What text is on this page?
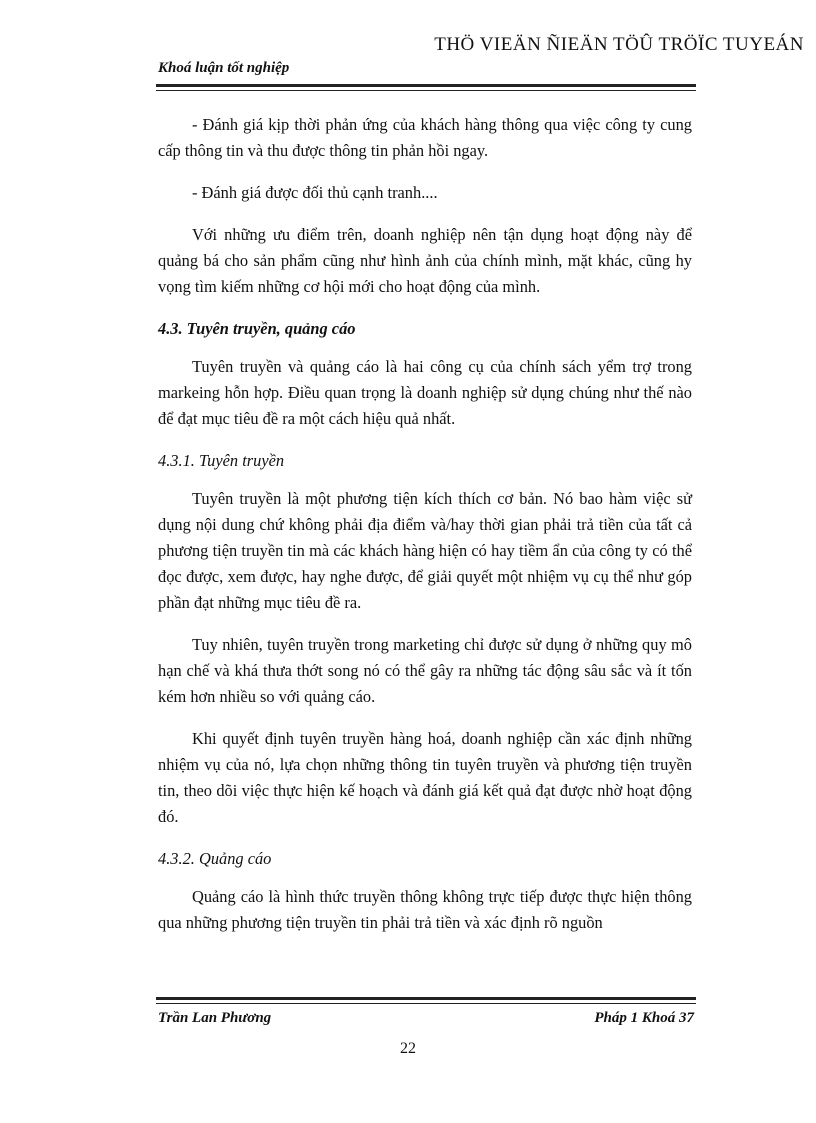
THÖ VIEÄN ÑIEÄN TÖÛ TRÖÏC TUYEÁN
Khoá luận tốt nghiệp

- Đánh giá kịp thời phản ứng của khách hàng thông qua việc công ty cung cấp thông tin và thu được thông tin phản hồi ngay.

- Đánh giá được đối thủ cạnh tranh....

Với những ưu điểm trên, doanh nghiệp nên tận dụng hoạt động này để quảng bá cho sản phẩm cũng như hình ảnh của chính mình, mặt khác, cũng hy vọng tìm kiếm những cơ hội mới cho hoạt động của mình.

4.3. Tuyên truyền, quảng cáo

Tuyên truyền và quảng cáo là hai công cụ của chính sách yểm trợ trong markeing hỗn hợp. Điều quan trọng là doanh nghiệp sử dụng chúng như thế nào để đạt mục tiêu đề ra một cách hiệu quả nhất.

4.3.1. Tuyên truyền

Tuyên truyền là một phương tiện kích thích cơ bản. Nó bao hàm việc sử dụng nội dung chứ không phải địa điểm và/hay thời gian phải trả tiền của tất cả phương tiện truyền tin mà các khách hàng hiện có hay tiềm ẩn của công ty có thể đọc được, xem được, hay nghe được, để giải quyết một nhiệm vụ cụ thể như góp phần đạt những mục tiêu đề ra.

Tuy nhiên, tuyên truyền trong marketing chỉ được sử dụng ở những quy mô hạn chế và khá thưa thớt song nó có thể gây ra những tác động sâu sắc và ít tốn kém hơn nhiều so với quảng cáo.

Khi quyết định tuyên truyền hàng hoá, doanh nghiệp cần xác định những nhiệm vụ của nó, lựa chọn những thông tin tuyên truyền và phương tiện truyền tin, theo dõi việc thực hiện kế hoạch và đánh giá kết quả đạt được nhờ hoạt động đó.

4.3.2. Quảng cáo

Quảng cáo là hình thức truyền thông không trực tiếp được thực hiện thông qua những phương tiện truyền tin phải trả tiền và xác định rõ nguồn

Trần Lan Phương	Pháp 1 Khoá 37
22
